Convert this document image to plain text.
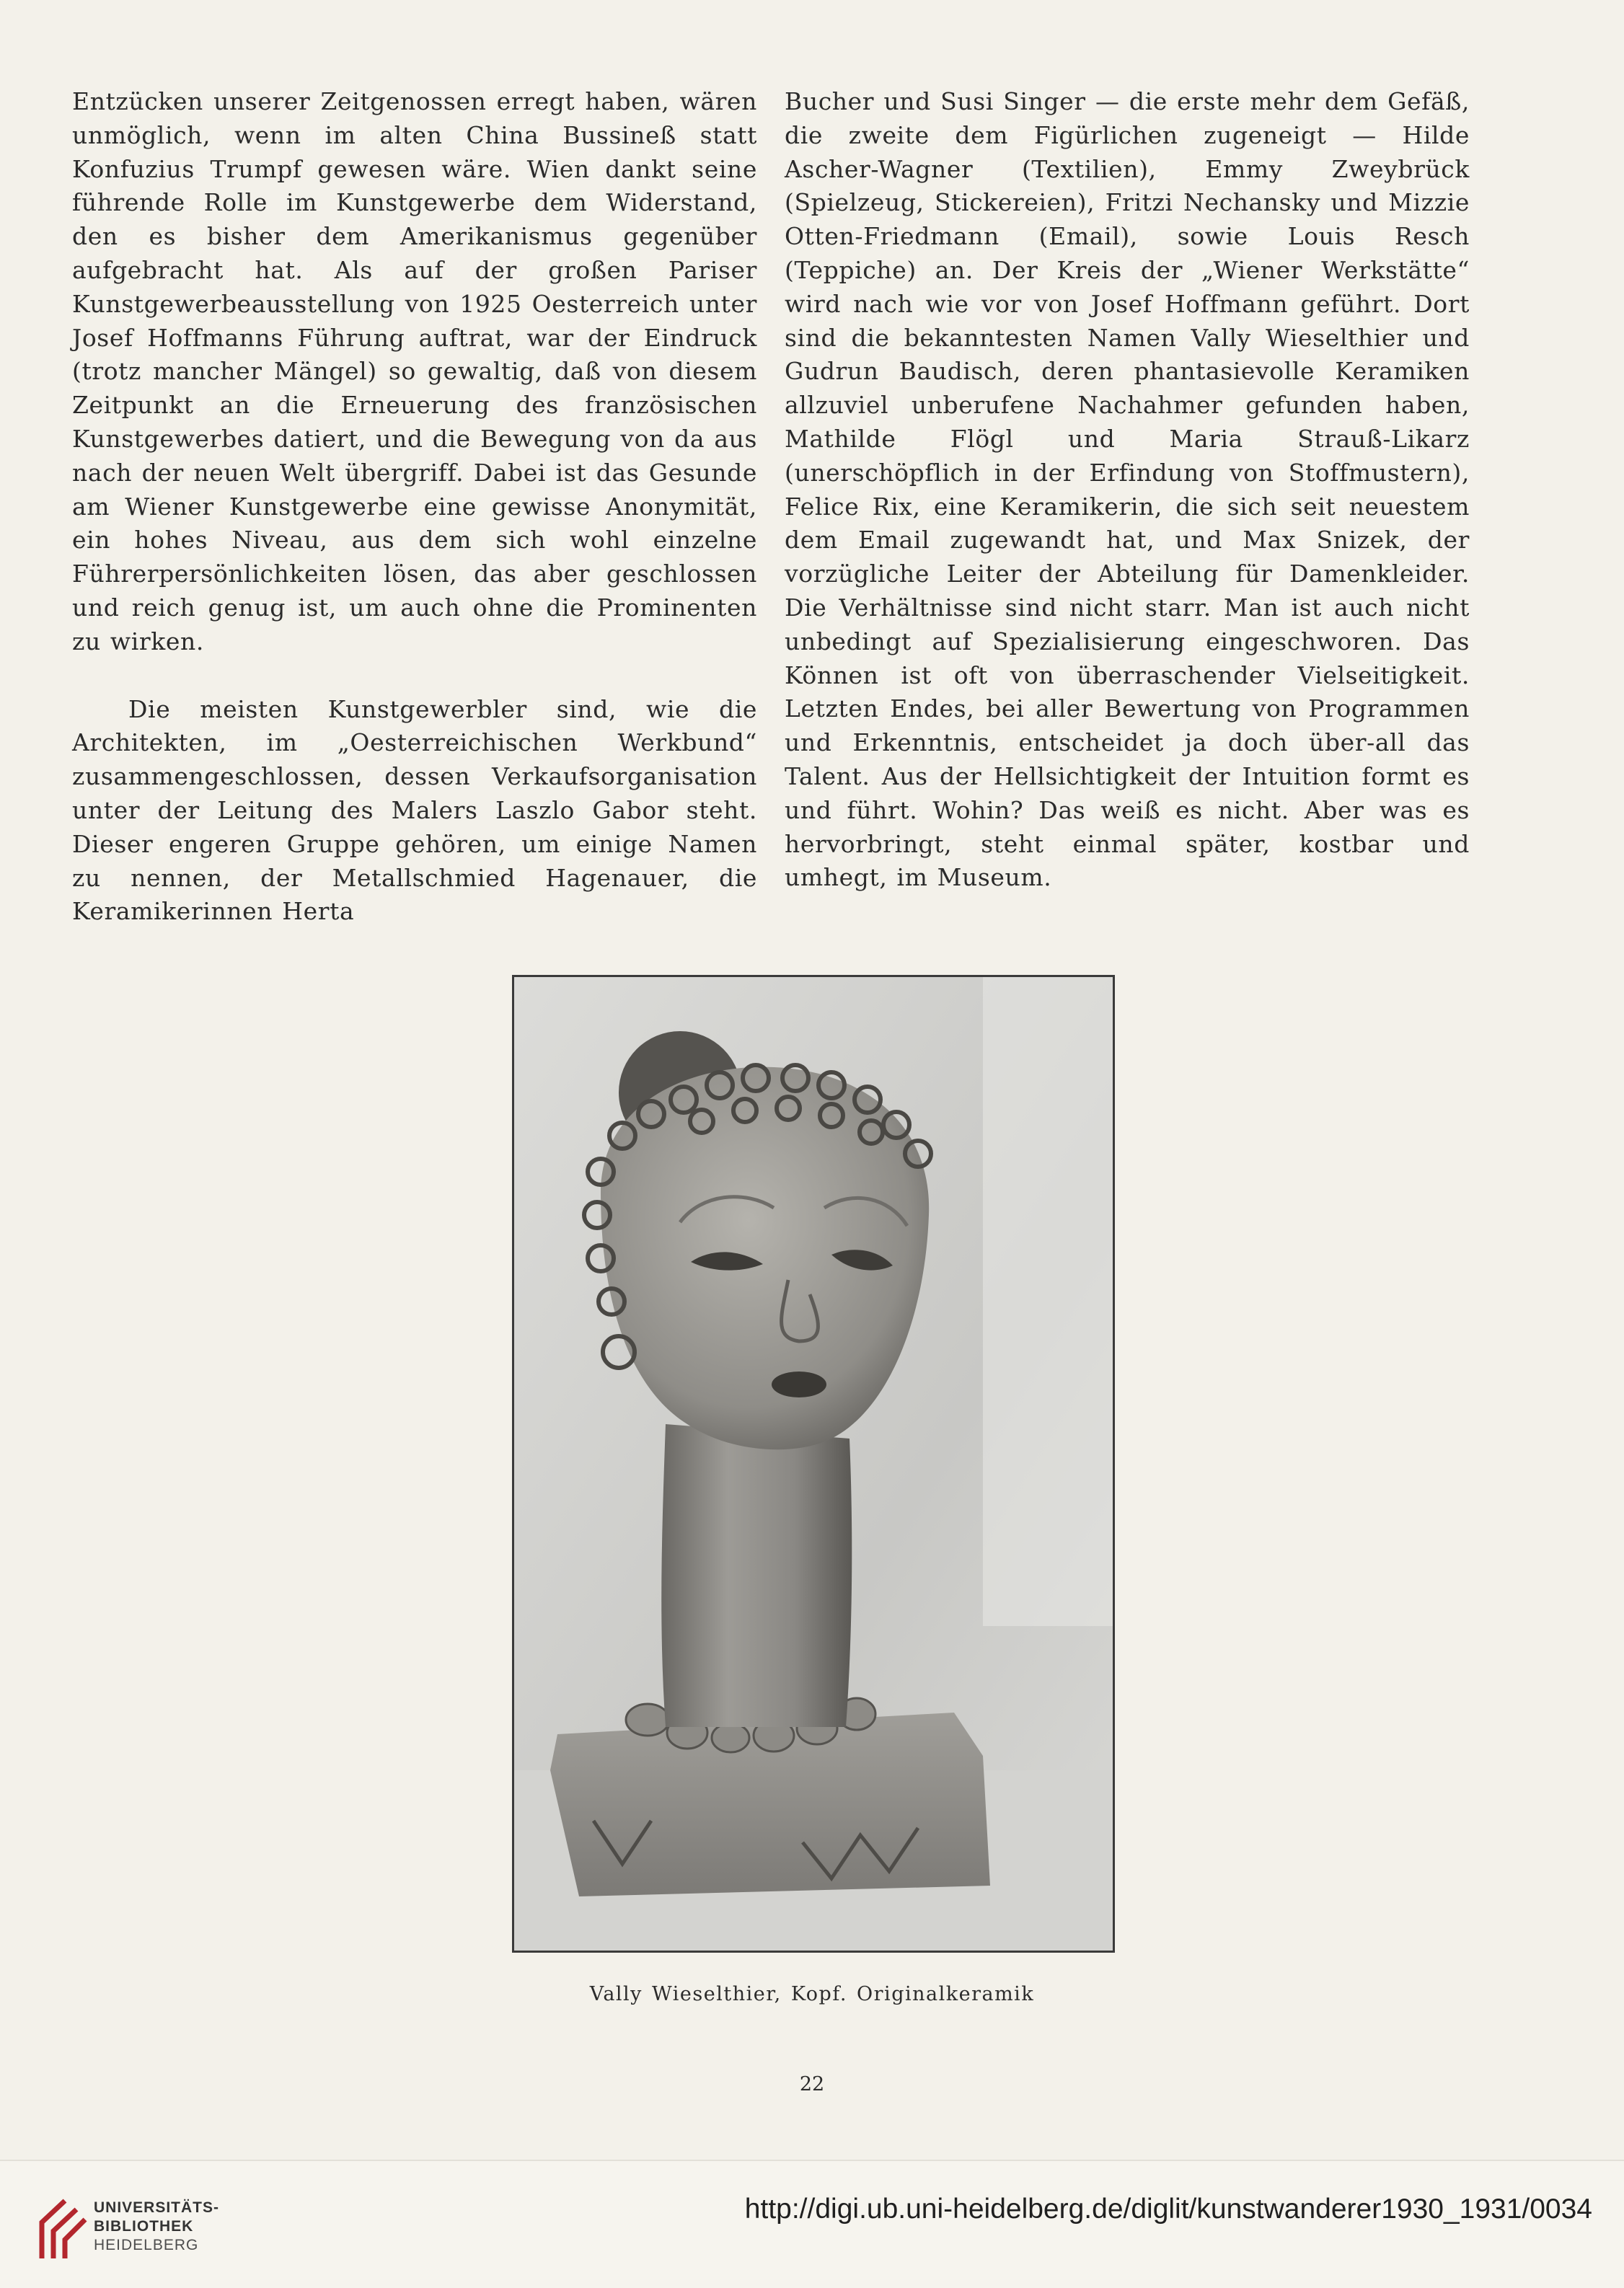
Entzücken unserer Zeitgenossen erregt haben, wären unmöglich, wenn im alten China Bussineß statt Konfuzius Trumpf gewesen wäre. Wien dankt seine führende Rolle im Kunstgewerbe dem Widerstand, den es bisher dem Amerikanismus gegenüber aufgebracht hat. Als auf der großen Pariser Kunstgewerbeausstellung von 1925 Oesterreich unter Josef Hoffmanns Führung auftrat, war der Eindruck (trotz mancher Mängel) so gewaltig, daß von diesem Zeitpunkt an die Erneuerung des französischen Kunstgewerbes datiert, und die Bewegung von da aus nach der neuen Welt übergriff. Dabei ist das Gesunde am Wiener Kunstgewerbe eine gewisse Anonymität, ein hohes Niveau, aus dem sich wohl einzelne Führerpersönlichkeiten lösen, das aber geschlossen und reich genug ist, um auch ohne die Prominenten zu wirken.

Die meisten Kunstgewerbler sind, wie die Architekten, im „Oesterreichischen Werkbund“ zusammengeschlossen, dessen Verkaufsorganisation unter der Leitung des Malers Laszlo Gabor steht. Dieser engeren Gruppe gehören, um einige Namen zu nennen, der Metallschmied Hagenauer, die Keramikerinnen Herta

Bucher und Susi Singer — die erste mehr dem Gefäß, die zweite dem Figürlichen zugeneigt — Hilde Ascher-Wagner (Textilien), Emmy Zweybrück (Spielzeug, Stickereien), Fritzi Nechansky und Mizzie Otten-Friedmann (Email), sowie Louis Resch (Teppiche) an. Der Kreis der „Wiener Werkstätte“ wird nach wie vor von Josef Hoffmann geführt. Dort sind die bekanntesten Namen Vally Wieselthier und Gudrun Baudisch, deren phantasievolle Keramiken allzuviel unberufene Nachahmer gefunden haben, Mathilde Flögl und Maria Strauß-Likarz (unerschöpflich in der Erfindung von Stoffmustern), Felice Rix, eine Keramikerin, die sich seit neuestem dem Email zugewandt hat, und Max Snizek, der vorzügliche Leiter der Abteilung für Damenkleider. Die Verhältnisse sind nicht starr. Man ist auch nicht unbedingt auf Spezialisierung eingeschworen. Das Können ist oft von überraschender Vielseitigkeit. Letzten Endes, bei aller Bewertung von Programmen und Erkenntnis, entscheidet ja doch über-all das Talent. Aus der Hellsichtigkeit der Intuition formt es und führt. Wohin? Das weiß es nicht. Aber was es hervorbringt, steht einmal später, kostbar und umhegt, im Museum.

Vally Wieselthier, Kopf. Originalkeramik
22
UNIVERSITÄTS-
BIBLIOTHEK
HEIDELBERG
http://digi.ub.uni-heidelberg.de/diglit/kunstwanderer1930_1931/0034
